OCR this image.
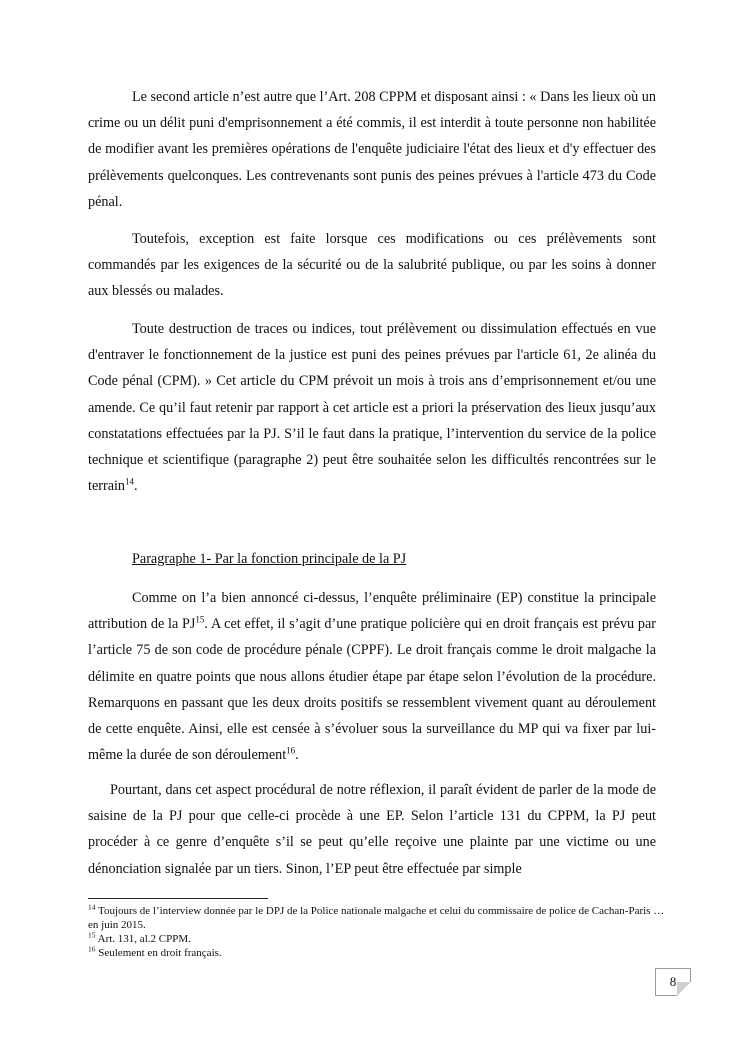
Le second article n’est autre que l’Art. 208 CPPM et disposant ainsi : « Dans les lieux où un crime ou un délit puni d'emprisonnement a été commis, il est interdit à toute personne non habilitée de modifier avant les premières opérations de l'enquête judiciaire l'état des lieux et d'y effectuer des prélèvements quelconques. Les contrevenants sont punis des peines prévues à l'article 473 du Code pénal.

Toutefois, exception est faite lorsque ces modifications ou ces prélèvements sont commandés par les exigences de la sécurité ou de la salubrité publique, ou par les soins à donner aux blessés ou malades.

Toute destruction de traces ou indices, tout prélèvement ou dissimulation effectués en vue d'entraver le fonctionnement de la justice est puni des peines prévues par l'article 61, 2e alinéa du Code pénal (CPM). » Cet article du CPM prévoit un mois à trois ans d’emprisonnement et/ou une amende. Ce qu’il faut retenir par rapport à cet article est a priori la préservation des lieux jusqu’aux constatations effectuées par la PJ. S’il le faut dans la pratique, l’intervention du service de la police technique et scientifique (paragraphe 2) peut être souhaitée selon les difficultés rencontrées sur le terrain$^{14}$.

Paragraphe 1- Par la fonction principale de la PJ

Comme on l’a bien annoncé ci-dessus, l’enquête préliminaire (EP) constitue la principale attribution de la PJ$^{15}$. A cet effet, il s’agit d’une pratique policière qui en droit français est prévu par l’article 75 de son code de procédure pénale (CPPF). Le droit français comme le droit malgache la délimite en quatre points que nous allons étudier étape par étape selon l’évolution de la procédure. Remarquons en passant que les deux droits positifs se ressemblent vivement quant au déroulement de cette enquête. Ainsi, elle est censée à s’évoluer sous la surveillance du MP qui va fixer par lui-même la durée de son déroulement$^{16}$.

Pourtant, dans cet aspect procédural de notre réflexion, il paraît évident de parler de la mode de saisine de la PJ pour que celle-ci procède à une EP. Selon l’article 131 du CPPM, la PJ peut procéder à ce genre d’enquête s’il se peut qu’elle reçoive une plainte par une victime ou une dénonciation signalée par un tiers. Sinon, l’EP peut être effectuée par simple

$^{14}$ Toujours de l’interview donnée par le DPJ de la Police nationale malgache et celui du commissaire de police de Cachan-Paris … en juin 2015.

$^{15}$ Art. 131, al.2 CPPM.

$^{16}$ Seulement en droit français.

8
